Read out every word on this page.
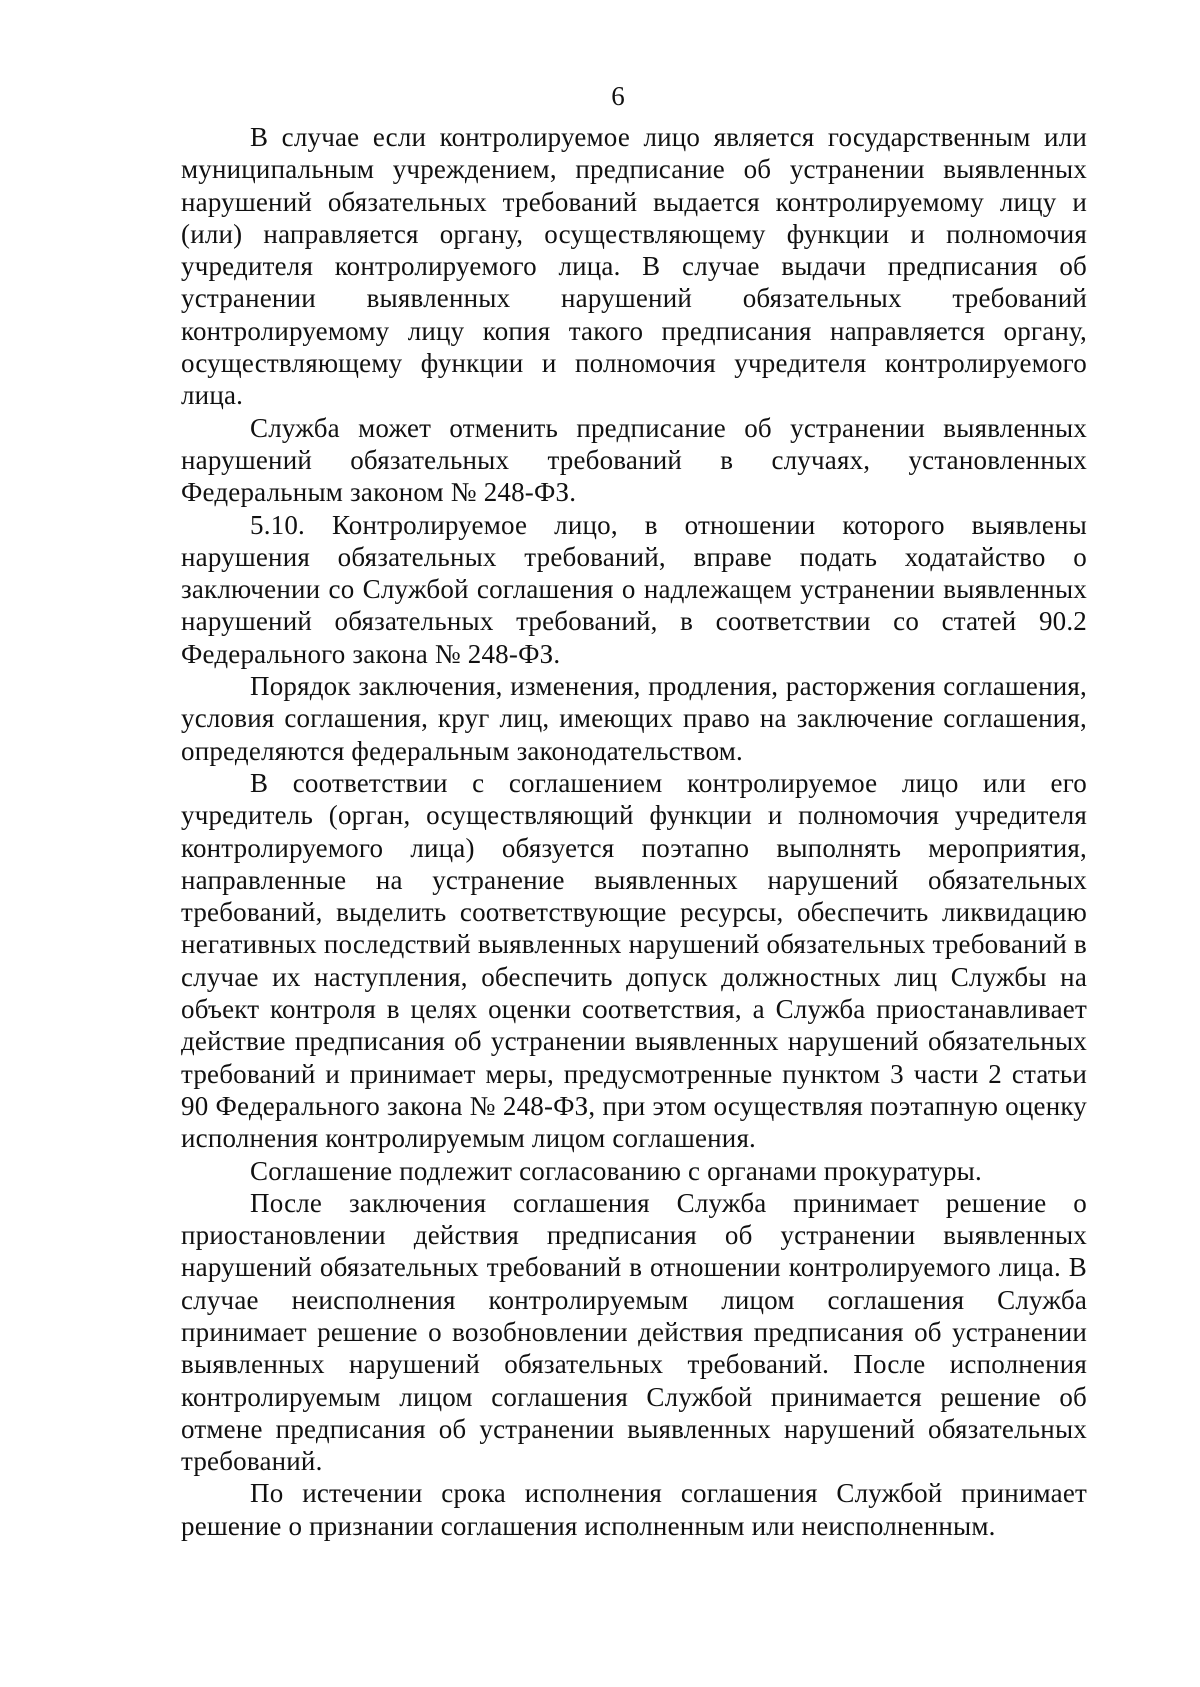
6

В случае если контролируемое лицо является государственным или муниципальным учреждением, предписание об устранении выявленных нарушений обязательных требований выдается контролируемому лицу и (или) направляется органу, осуществляющему функции и полномочия учредителя контролируемого лица. В случае выдачи предписания об устранении выявленных нарушений обязательных требований контролируемому лицу копия такого предписания направляется органу, осуществляющему функции и полномочия учредителя контролируемого лица.

Служба может отменить предписание об устранении выявленных нарушений обязательных требований в случаях, установленных Федеральным законом № 248-ФЗ.

5.10. Контролируемое лицо, в отношении которого выявлены нарушения обязательных требований, вправе подать ходатайство о заключении со Службой соглашения о надлежащем устранении выявленных нарушений обязательных требований, в соответствии со статей 90.2 Федерального закона № 248-ФЗ.

Порядок заключения, изменения, продления, расторжения соглашения, условия соглашения, круг лиц, имеющих право на заключение соглашения, определяются федеральным законодательством.

В соответствии с соглашением контролируемое лицо или его учредитель (орган, осуществляющий функции и полномочия учредителя контролируемого лица) обязуется поэтапно выполнять мероприятия, направленные на устранение выявленных нарушений обязательных требований, выделить соответствующие ресурсы, обеспечить ликвидацию негативных последствий выявленных нарушений обязательных требований в случае их наступления, обеспечить допуск должностных лиц Службы на объект контроля в целях оценки соответствия, а Служба приостанавливает действие предписания об устранении выявленных нарушений обязательных требований и принимает меры, предусмотренные пунктом 3 части 2 статьи 90 Федерального закона № 248-ФЗ, при этом осуществляя поэтапную оценку исполнения контролируемым лицом соглашения.

Соглашение подлежит согласованию с органами прокуратуры.

После заключения соглашения Служба принимает решение о приостановлении действия предписания об устранении выявленных нарушений обязательных требований в отношении контролируемого лица. В случае неисполнения контролируемым лицом соглашения Служба принимает решение о возобновлении действия предписания об устранении выявленных нарушений обязательных требований. После исполнения контролируемым лицом соглашения Службой принимается решение об отмене предписания об устранении выявленных нарушений обязательных требований.

По истечении срока исполнения соглашения Службой принимает решение о признании соглашения исполненным или неисполненным.
